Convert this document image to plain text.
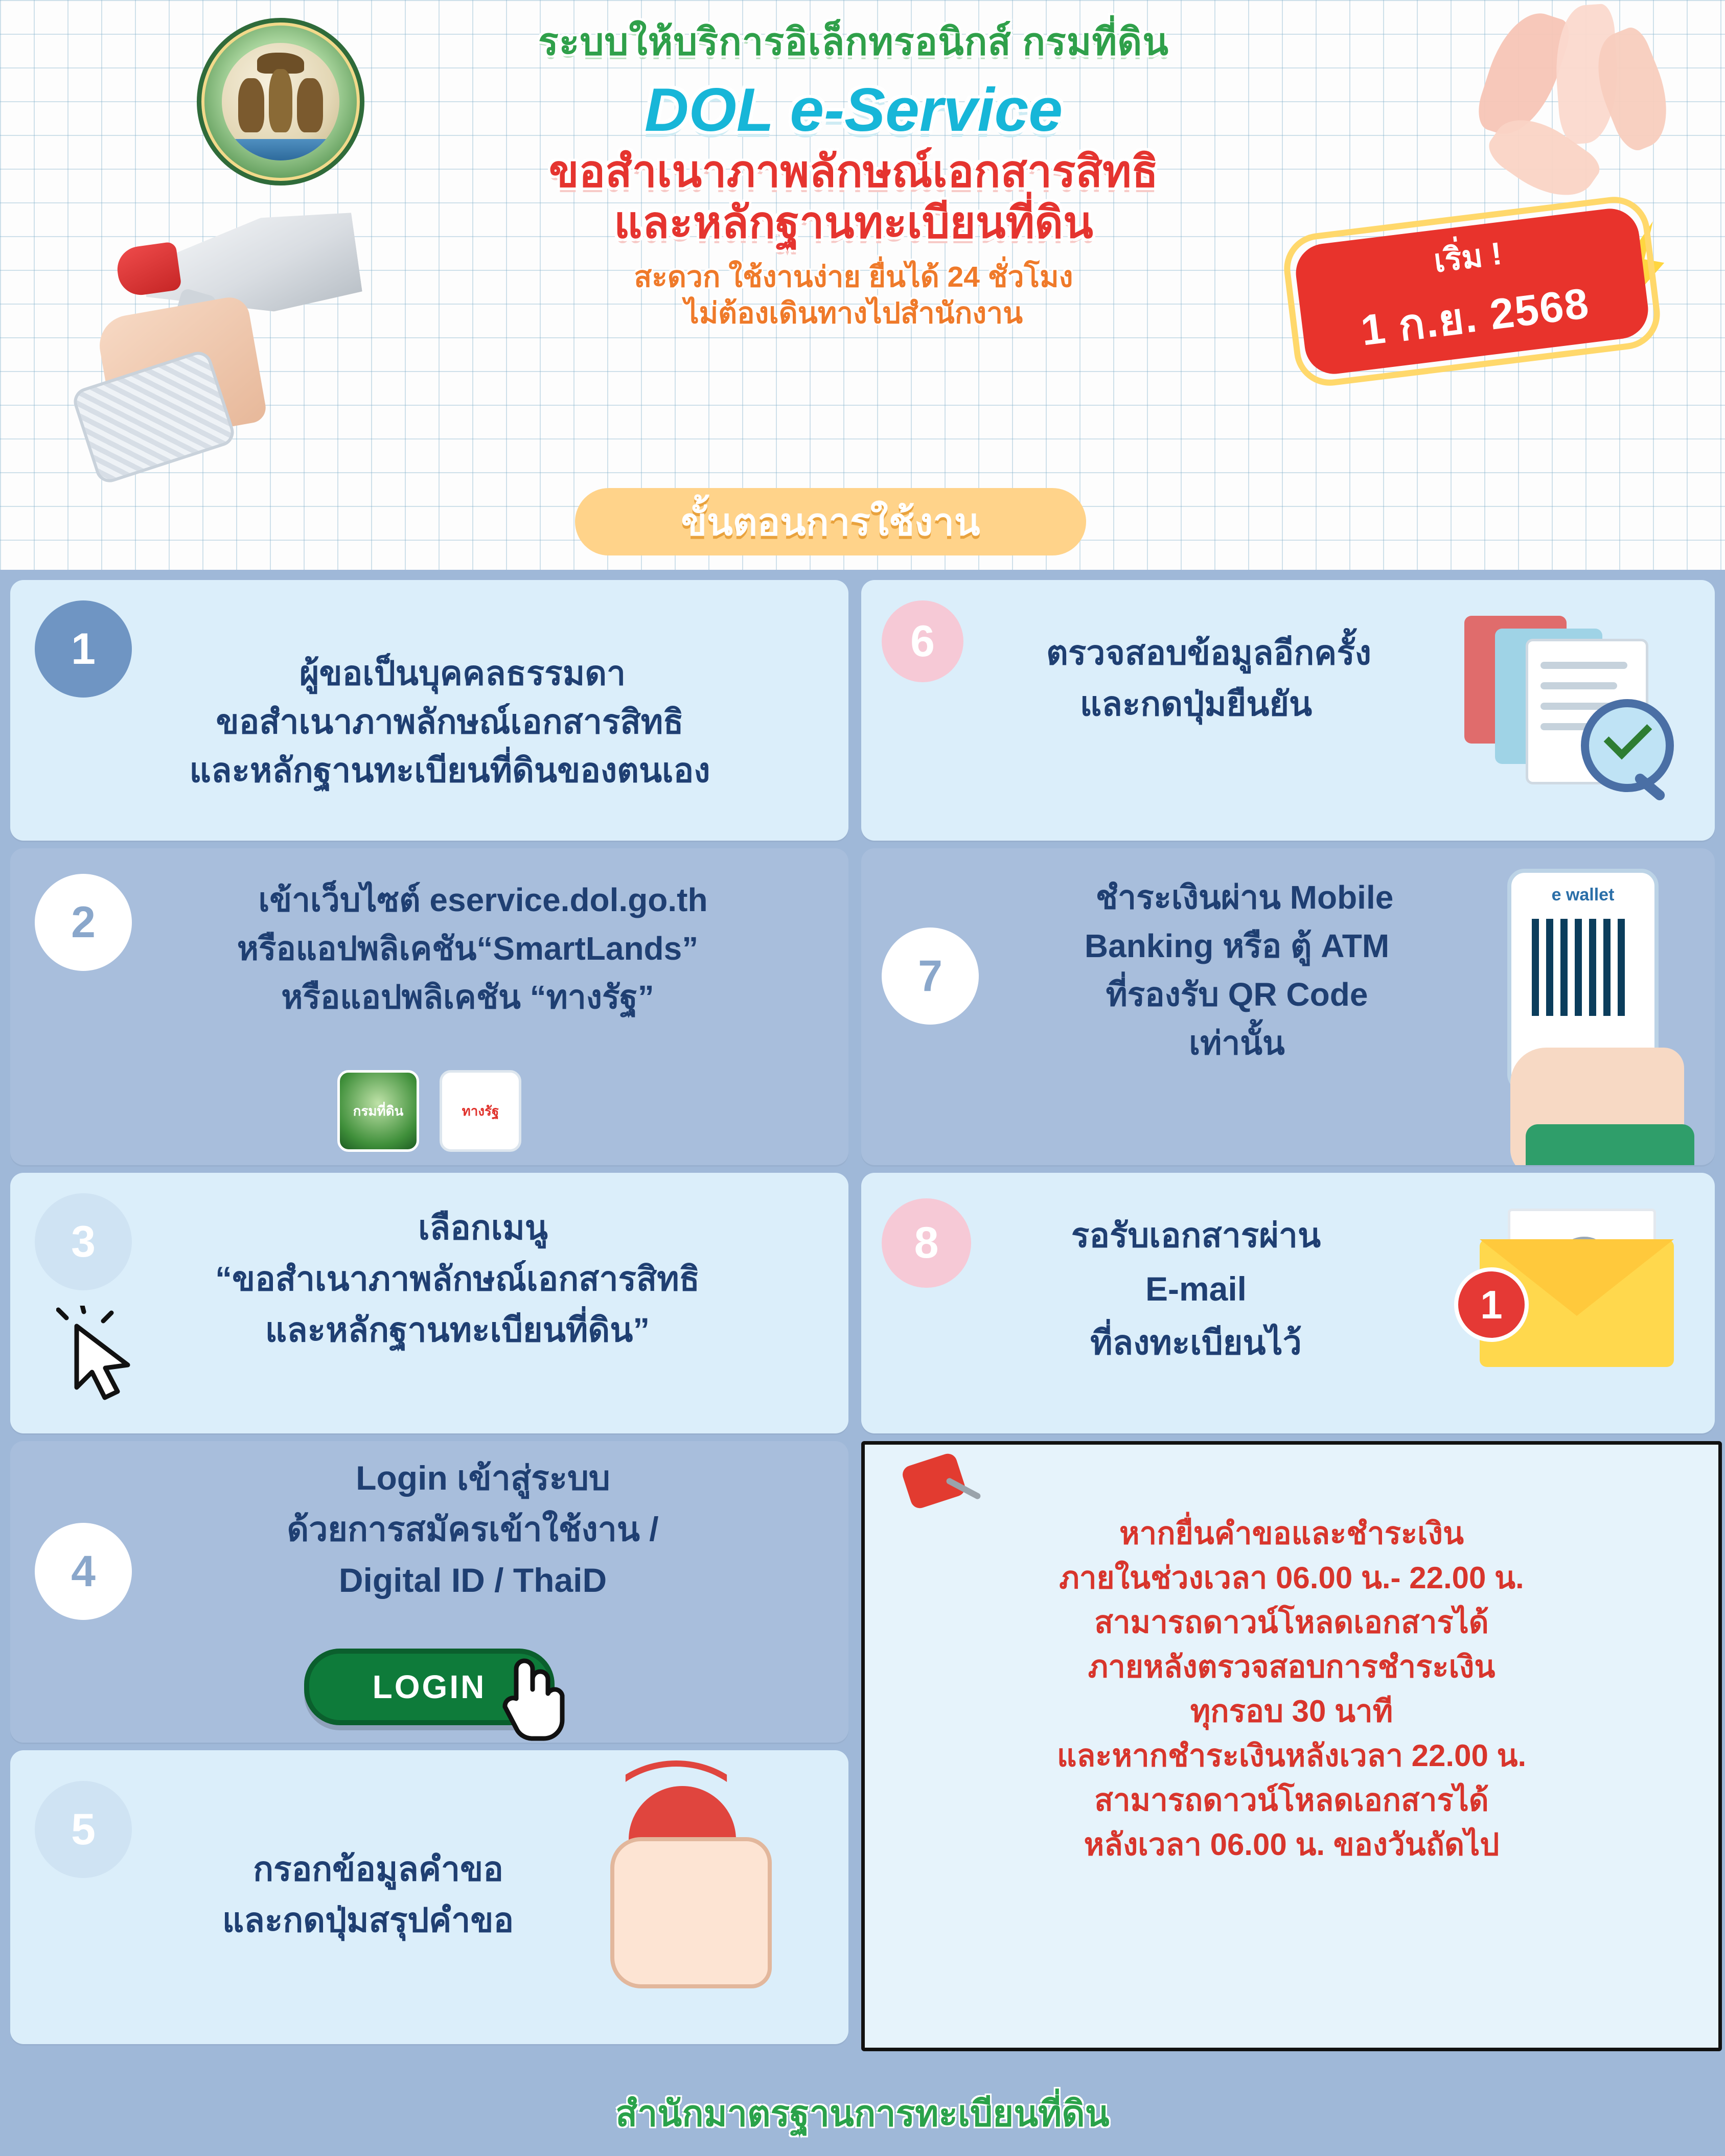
ระบบให้บริการอิเล็กทรอนิกส์ กรมที่ดิน
DOL e-Service
ขอสำเนาภาพลักษณ์เอกสารสิทธิ
และหลักฐานทะเบียนที่ดิน
สะดวก ใช้งานง่าย ยื่นได้ 24 ชั่วโมง
ไม่ต้องเดินทางไปสำนักงาน
เริ่ม !
1 ก.ย. 2568
ขั้นตอนการใช้งาน
1	ผู้ขอเป็นบุคคลธรรมดา
ขอสำเนาภาพลักษณ์เอกสารสิทธิ
และหลักฐานทะเบียนที่ดินของตนเอง
2	เข้าเว็บไซต์ eservice.dol.go.th
หรือแอปพลิเคชัน“SmartLands”
หรือแอปพลิเคชัน “ทางรัฐ”
กรมที่ดิน	ทางรัฐ
3	เลือกเมนู
“ขอสำเนาภาพลักษณ์เอกสารสิทธิ
และหลักฐานทะเบียนที่ดิน”
4
Login เข้าสู่ระบบ
ด้วยการสมัครเข้าใช้งาน /
Digital ID / ThaiD
LOGIN
5
กรอกข้อมูลคำขอ
และกดปุ่มสรุปคำขอ
6	ตรวจสอบข้อมูลอีกครั้ง
และกดปุ่มยืนยัน
7
ชำระเงินผ่าน Mobile
Banking หรือ ตู้ ATM
ที่รองรับ QR Code
เท่านั้น
e wallet
8	รอรับเอกสารผ่าน
E-mail
ที่ลงทะเบียนไว้
1

หากยื่นคำขอและชำระเงิน

ภายในช่วงเวลา 06.00 น.- 22.00 น.

สามารถดาวน์โหลดเอกสารได้

ภายหลังตรวจสอบการชำระเงิน

ทุกรอบ 30 นาที

และหากชำระเงินหลังเวลา 22.00 น.

สามารถดาวน์โหลดเอกสารได้

หลังเวลา 06.00 น. ของวันถัดไป

สำนักมาตรฐานการทะเบียนที่ดิน
